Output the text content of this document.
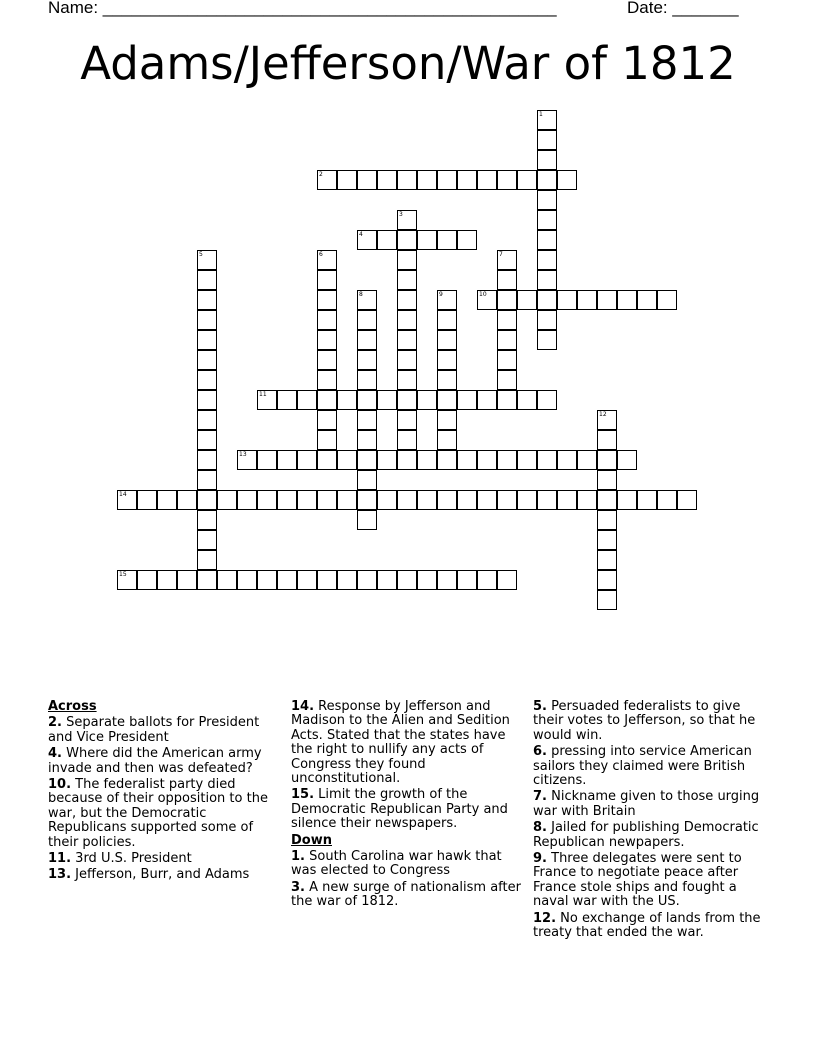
Name: ________________________________________________	Date: _______
Adams/Jefferson/War of 1812
1
2
3
4
5	6	7
8	9	10
11
12
13
14
15
Across
2. Separate ballots for President and Vice President
4. Where did the American army invade and then was defeated?
10. The federalist party died because of their opposition to the war, but the Democratic Republicans supported some of their policies.
11. 3rd U.S. President
13. Jefferson, Burr, and Adams
14. Response by Jefferson and Madison to the Alien and Sedition Acts. Stated that the states have the right to nullify any acts of Congress they found unconstitutional.
15. Limit the growth of the Democratic Republican Party and silence their newspapers.
Down
1. South Carolina war hawk that was elected to Congress
3. A new surge of nationalism after the war of 1812.
5. Persuaded federalists to give their votes to Jefferson, so that he would win.
6. pressing into service American sailors they claimed were British citizens.
7. Nickname given to those urging war with Britain
8. Jailed for publishing Democratic Republican newpapers.
9. Three delegates were sent to France to negotiate peace after France stole ships and fought a naval war with the US.
12. No exchange of lands from the treaty that ended the war.
